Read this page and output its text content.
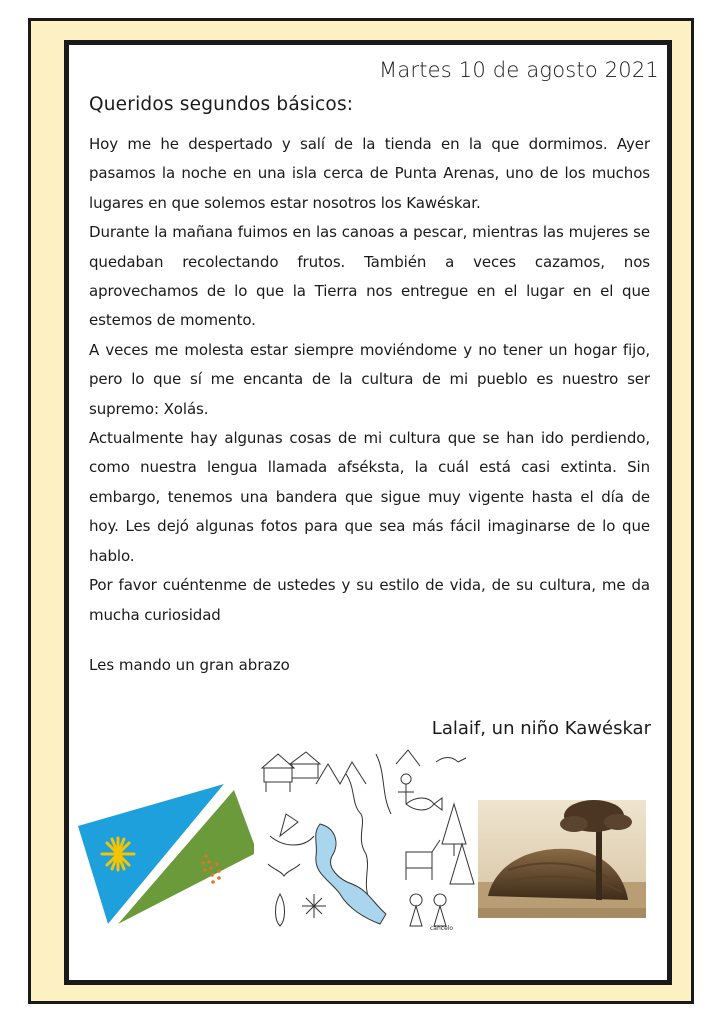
Martes 10 de agosto 2021
Queridos segundos básicos:

Hoy me he despertado y salí de la tienda en la que dormimos. Ayer pasamos la noche en una isla cerca de Punta Arenas, uno de los muchos lugares en que solemos estar nosotros los Kawéskar.

Durante la mañana fuimos en las canoas a pescar, mientras las mujeres se quedaban recolectando frutos. También a veces cazamos, nos aprovechamos de lo que la Tierra nos entregue en el lugar en el que estemos de momento.

A veces me molesta estar siempre moviéndome y no tener un hogar fijo, pero lo que sí me encanta de la cultura de mi pueblo es nuestro ser supremo: Xolás.

Actualmente hay algunas cosas de mi cultura que se han ido perdiendo, como nuestra lengua llamada afséksta, la cuál está casi extinta. Sin embargo, tenemos una bandera que sigue muy vigente hasta el día de hoy. Les dejó algunas fotos para que sea más fácil imaginarse de lo que hablo.

Por favor cuéntenme de ustedes y su estilo de vida, de su cultura, me da mucha curiosidad

Les mando un gran abrazo
Lalaif, un niño Kawéskar
cancelo
